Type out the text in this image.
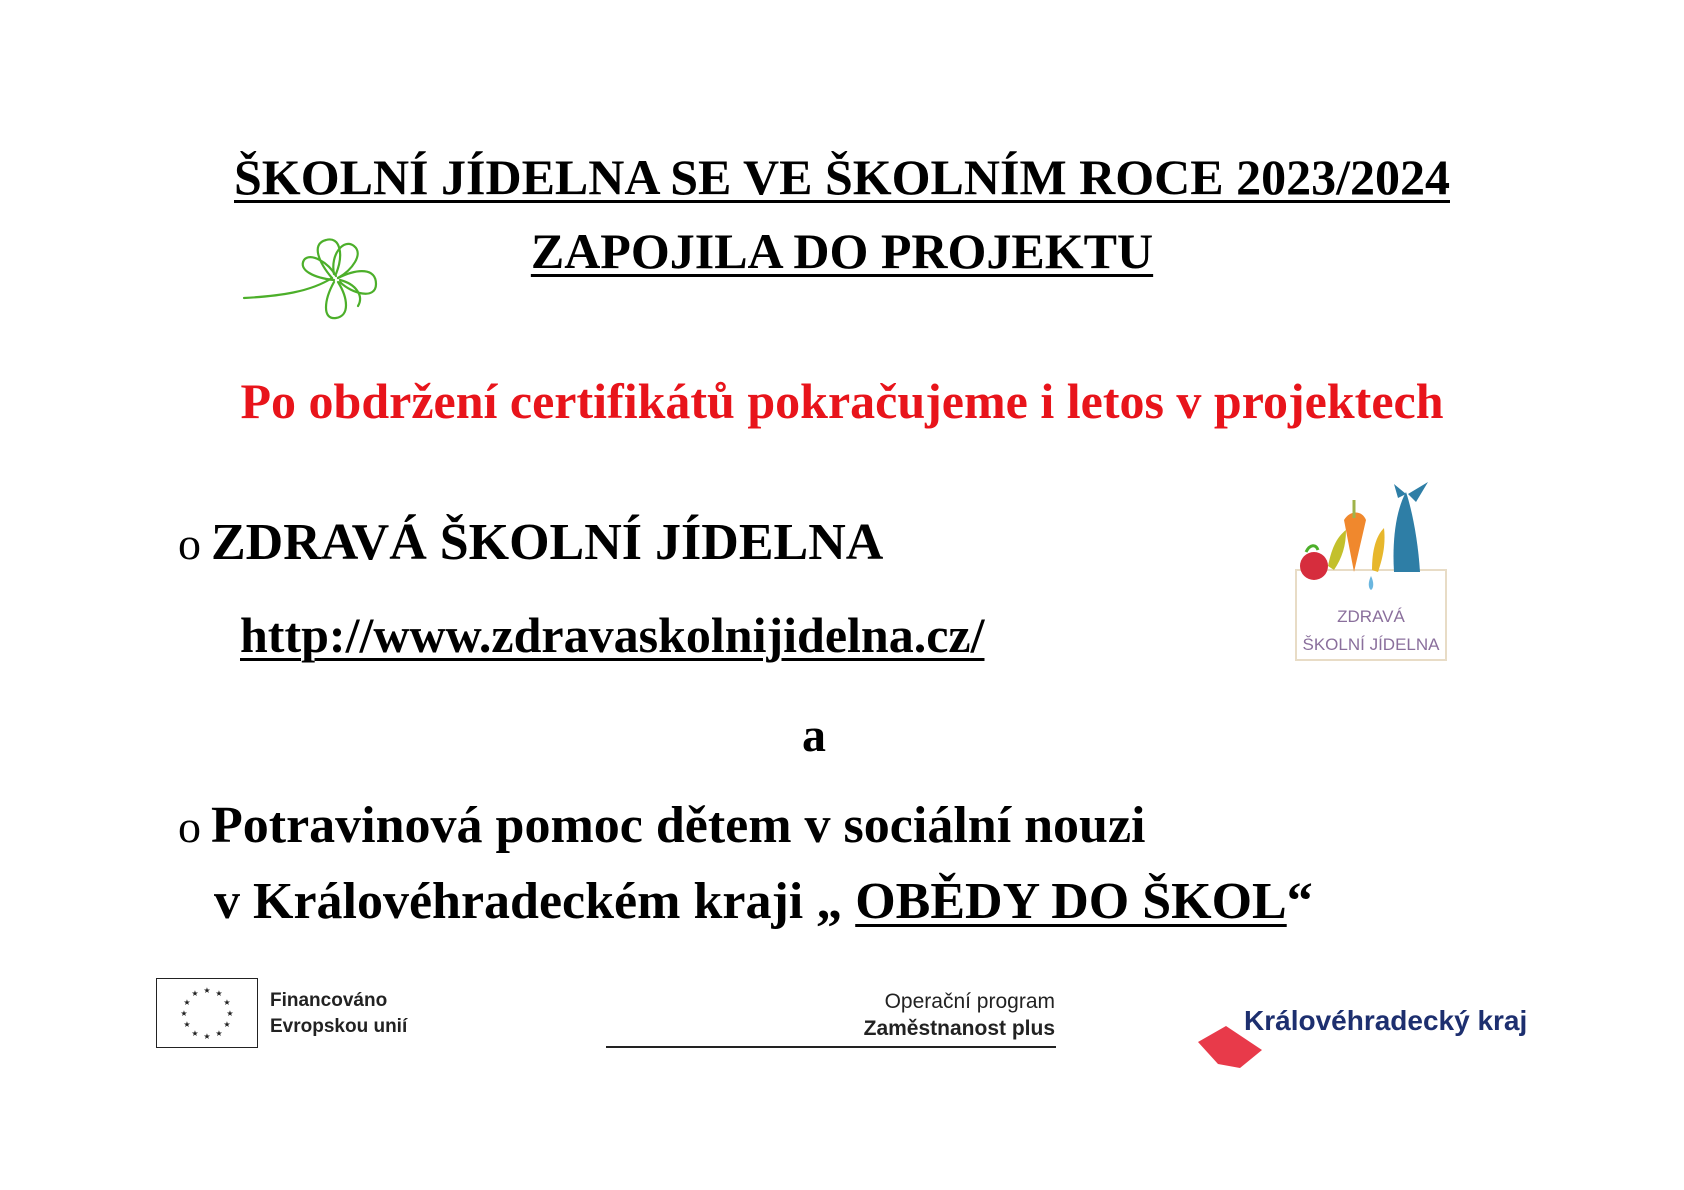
ŠKOLNÍ JÍDELNA SE VE ŠKOLNÍM ROCE 2023/2024
ZAPOJILA DO PROJEKTU
Po obdržení certifikátů pokračujeme i letos v projektech
o ZDRAVÁ ŠKOLNÍ JÍDELNA
http://www.zdravaskolnijidelna.cz/
a
o Potravinová pomoc dětem v sociální nouzi
v Královéhradeckém kraji „ OBĚDY DO ŠKOL“
ZDRAVÁ
ŠKOLNÍ JÍDELNA
★ ★
★
★
★
★
★
★
★
★
★
★	Financováno
Evropskou unií
Operační program
Zaměstnanost plus	Královéhradecký kraj
